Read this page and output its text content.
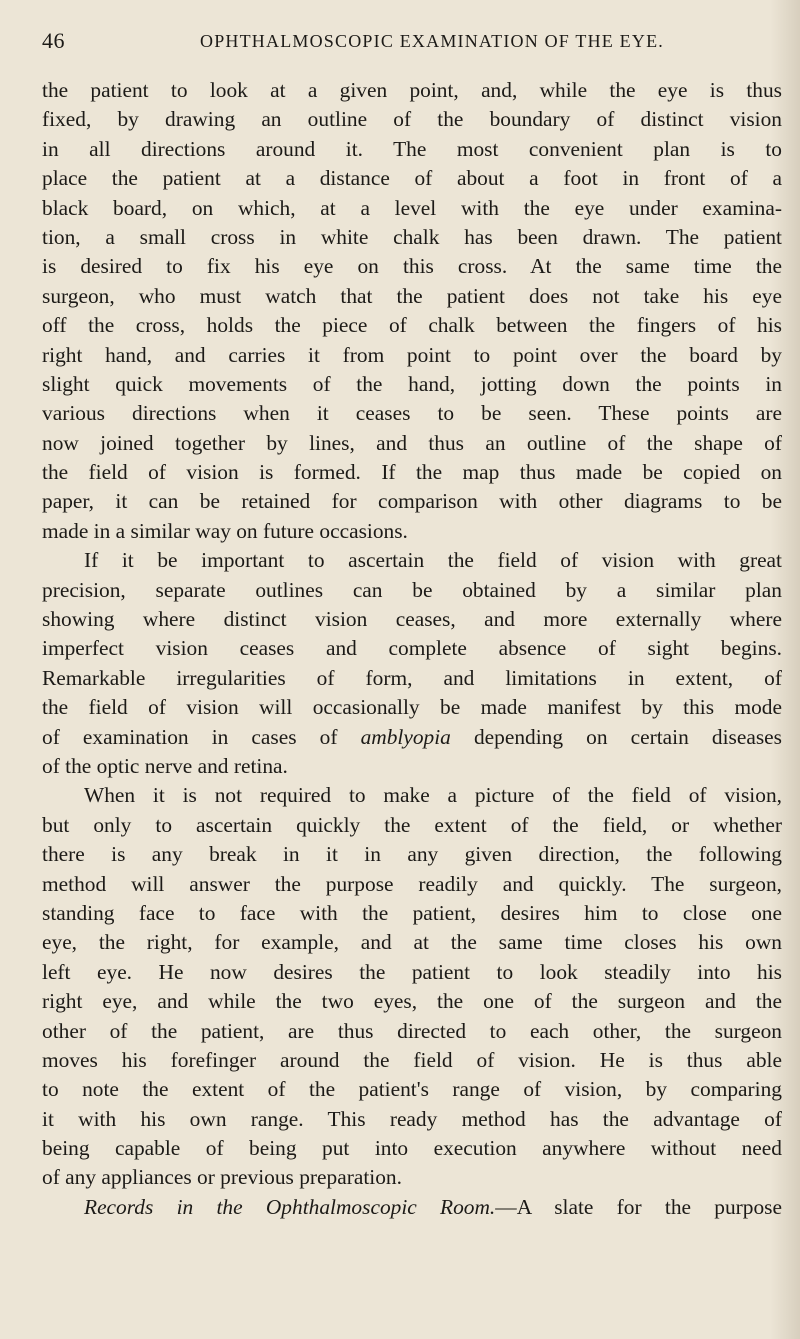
46	OPHTHALMOSCOPIC EXAMINATION OF THE EYE.
the patient to look at a given point, and, while the eye is thus
fixed, by drawing an outline of the boundary of distinct vision
in all directions around it. The most convenient plan is to
place the patient at a distance of about a foot in front of a
black board, on which, at a level with the eye under examina-
tion, a small cross in white chalk has been drawn. The patient
is desired to fix his eye on this cross. At the same time the
surgeon, who must watch that the patient does not take his eye
off the cross, holds the piece of chalk between the fingers of his
right hand, and carries it from point to point over the board by
slight quick movements of the hand, jotting down the points in
various directions when it ceases to be seen. These points are
now joined together by lines, and thus an outline of the shape of
the field of vision is formed. If the map thus made be copied on
paper, it can be retained for comparison with other diagrams to be
made in a similar way on future occasions.
If it be important to ascertain the field of vision with great
precision, separate outlines can be obtained by a similar plan
showing where distinct vision ceases, and more externally where
imperfect vision ceases and complete absence of sight begins.
Remarkable irregularities of form, and limitations in extent, of
the field of vision will occasionally be made manifest by this mode
of examination in cases of amblyopia depending on certain diseases
of the optic nerve and retina.
When it is not required to make a picture of the field of vision,
but only to ascertain quickly the extent of the field, or whether
there is any break in it in any given direction, the following
method will answer the purpose readily and quickly. The surgeon,
standing face to face with the patient, desires him to close one
eye, the right, for example, and at the same time closes his own
left eye. He now desires the patient to look steadily into his
right eye, and while the two eyes, the one of the surgeon and the
other of the patient, are thus directed to each other, the surgeon
moves his forefinger around the field of vision. He is thus able
to note the extent of the patient's range of vision, by comparing
it with his own range. This ready method has the advantage of
being capable of being put into execution anywhere without need
of any appliances or previous preparation.
Records in the Ophthalmoscopic Room.—A slate for the purpose
